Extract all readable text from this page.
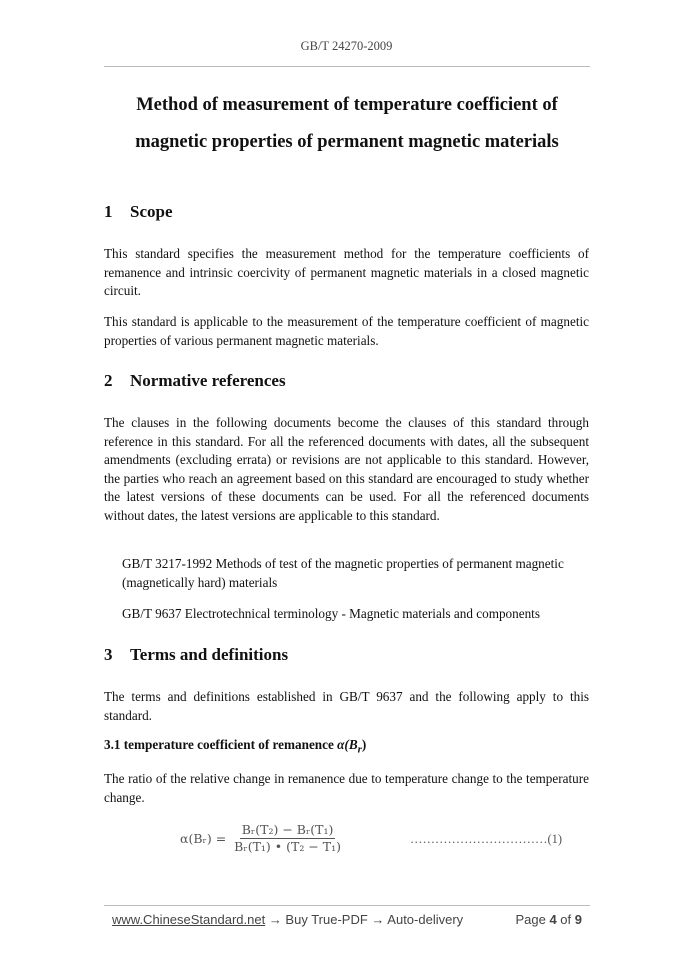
GB/T 24270-2009
Method of measurement of temperature coefficient of
magnetic properties of permanent magnetic materials
1 Scope
This standard specifies the measurement method for the temperature coefficients of remanence and intrinsic coercivity of permanent magnetic materials in a closed magnetic circuit.
This standard is applicable to the measurement of the temperature coefficient of magnetic properties of various permanent magnetic materials.
2 Normative references
The clauses in the following documents become the clauses of this standard through reference in this standard. For all the referenced documents with dates, all the subsequent amendments (excluding errata) or revisions are not applicable to this standard. However, the parties who reach an agreement based on this standard are encouraged to study whether the latest versions of these documents can be used. For all the referenced documents without dates, the latest versions are applicable to this standard.
GB/T 3217-1992 Methods of test of the magnetic properties of permanent magnetic (magnetically hard) materials
GB/T 9637 Electrotechnical terminology - Magnetic materials and components
3 Terms and definitions
The terms and definitions established in GB/T 9637 and the following apply to this standard.
3.1 temperature coefficient of remanence $\alpha(B_r)$
The ratio of the relative change in remanence due to temperature change to the temperature change.
α(Bᵣ) = $\frac{\text{Bᵣ(T₂) − Bᵣ(T₁)}}{\text{Bᵣ(T₁) • (T₂ − T₁)}}$	……………………………(1)
www.ChineseStandard.net → Buy True-PDF → Auto-delivery	Page 4 of 9
